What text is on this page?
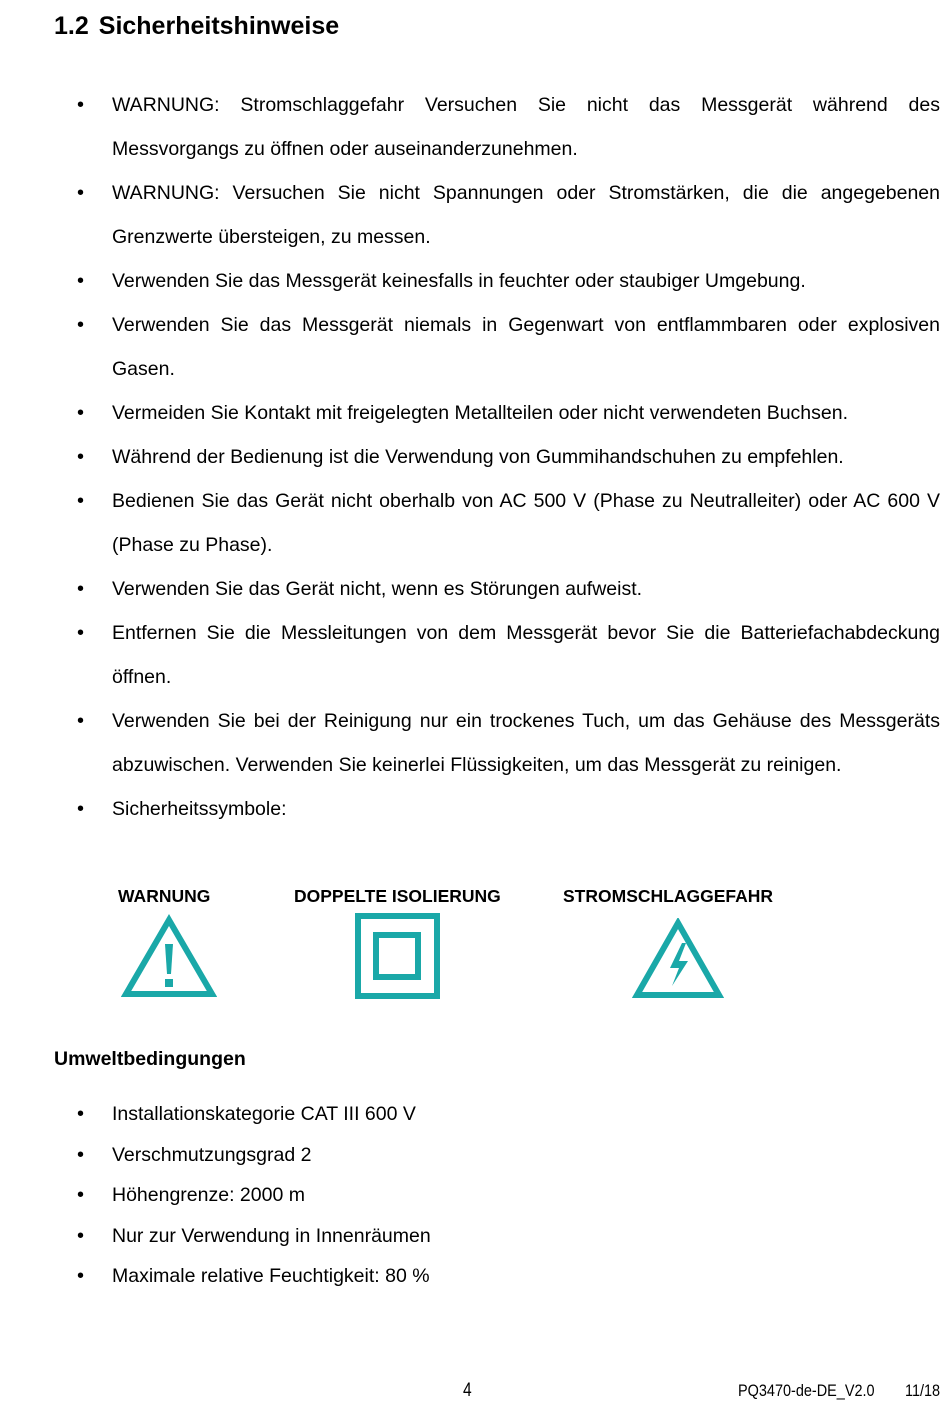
1.2 Sicherheitshinweise
• WARNUNG: Stromschlaggefahr Versuchen Sie nicht das Messgerät während des Messvorgangs zu öffnen oder auseinanderzunehmen.
• WARNUNG: Versuchen Sie nicht Spannungen oder Stromstärken, die die angegebenen Grenzwerte übersteigen, zu messen.
• Verwenden Sie das Messgerät keinesfalls in feuchter oder staubiger Umgebung.
• Verwenden Sie das Messgerät niemals in Gegenwart von entflammbaren oder explosiven Gasen.
• Vermeiden Sie Kontakt mit freigelegten Metallteilen oder nicht verwendeten Buchsen.
• Während der Bedienung ist die Verwendung von Gummihandschuhen zu empfehlen.
• Bedienen Sie das Gerät nicht oberhalb von AC 500 V (Phase zu Neutralleiter) oder AC 600 V (Phase zu Phase).
• Verwenden Sie das Gerät nicht, wenn es Störungen aufweist.
• Entfernen Sie die Messleitungen von dem Messgerät bevor Sie die Batteriefachabdeckung öffnen.
• Verwenden Sie bei der Reinigung nur ein trockenes Tuch, um das Gehäuse des Messgeräts abzuwischen. Verwenden Sie keinerlei Flüssigkeiten, um das Messgerät zu reinigen.
• Sicherheitssymbole:
WARNUNG	DOPPELTE ISOLIERUNG	STROMSCHLAGGEFAHR
Umweltbedingungen
• Installationskategorie CAT III 600 V
• Verschmutzungsgrad 2
• Höhengrenze: 2000 m
• Nur zur Verwendung in Innenräumen
• Maximale relative Feuchtigkeit: 80 %
4	PQ3470-de-DE_V2.0 11/18
